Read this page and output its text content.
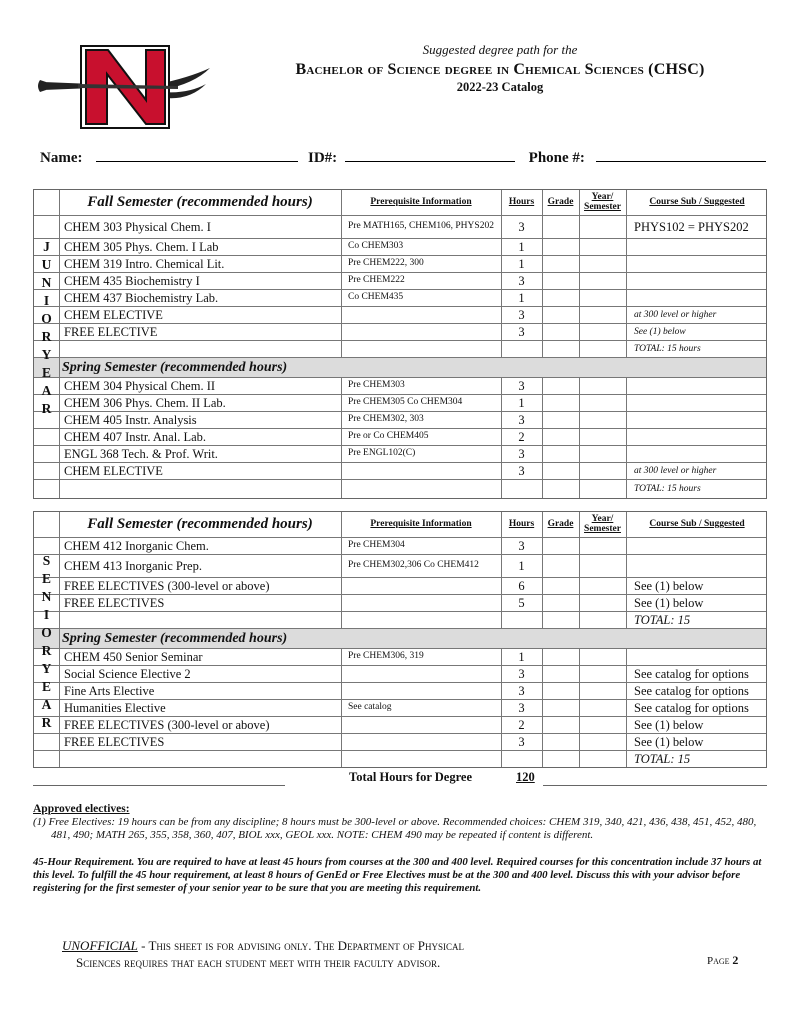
Suggested degree path for the
Bachelor of Science degree in Chemical Sciences (CHSC)
2022-23 Catalog
Name:	ID#:	Phone #:
Fall Semester (recommended hours)	Prerequisite Information	Hours	Grade	Year/ Semester	Course Sub / Suggested
CHEM 303 Physical Chem. I	Pre MATH165, CHEM106, PHYS202	3	PHYS102 = PHYS202
CHEM 305 Phys. Chem. I Lab	Co CHEM303	1
CHEM 319 Intro. Chemical Lit.	Pre CHEM222, 300	1
CHEM 435 Biochemistry I	Pre CHEM222	3
CHEM 437 Biochemistry Lab.	Co CHEM435	1
CHEM ELECTIVE	3	at 300 level or higher
FREE ELECTIVE	3	See (1) below
TOTAL: 15 hours
Spring Semester (recommended hours)
CHEM 304 Physical Chem. II	Pre CHEM303	3
CHEM 306 Phys. Chem. II Lab.	Pre CHEM305 Co CHEM304	1
CHEM 405 Instr. Analysis	Pre CHEM302, 303	3
CHEM 407 Instr. Anal. Lab.	Pre or Co CHEM405	2
ENGL 368 Tech. & Prof. Writ.	Pre ENGL102(C)	3
CHEM ELECTIVE	3	at 300 level or higher
TOTAL: 15 hours
J
U
N
I
O
R
Y
E
A
R
Fall Semester (recommended hours)	Prerequisite Information	Hours	Grade	Year/ Semester	Course Sub / Suggested
CHEM 412 Inorganic Chem.	Pre CHEM304	3
CHEM 413 Inorganic Prep.	Pre CHEM302,306 Co CHEM412	1
FREE ELECTIVES (300-level or above)	6	See (1) below
FREE ELECTIVES	5	See (1) below
TOTAL: 15
Spring Semester (recommended hours)
CHEM 450 Senior Seminar	Pre CHEM306, 319	1
Social Science Elective 2	3	See catalog for options
Fine Arts Elective	3	See catalog for options
Humanities Elective	See catalog	3	See catalog for options
FREE ELECTIVES (300-level or above)	2	See (1) below
FREE ELECTIVES	3	See (1) below
TOTAL: 15
S
E
N
I
O
R
Y
E
A
R
Total Hours for Degree	120
Approved electives:
(1) Free Electives: 19 hours can be from any discipline; 8 hours must be 300-level or above. Recommended choices: CHEM 319, 340, 421, 436, 438, 451, 452, 480, 481, 490; MATH 265, 355, 358, 360, 407, BIOL xxx, GEOL xxx. NOTE: CHEM 490 may be repeated if content is different.
45-Hour Requirement. You are required to have at least 45 hours from courses at the 300 and 400 level. Required courses for this concentration include 37 hours at this level. To fulfill the 45 hour requirement, at least 8 hours of GenEd or Free Electives must be at the 300 and 400 level. Discuss this with your advisor before registering for the first semester of your senior year to be sure that you are meeting this requirement.
UNOFFICIAL - This sheet is for advising only. The Department of Physical
Sciences requires that each student meet with their faculty advisor.	Page 2
